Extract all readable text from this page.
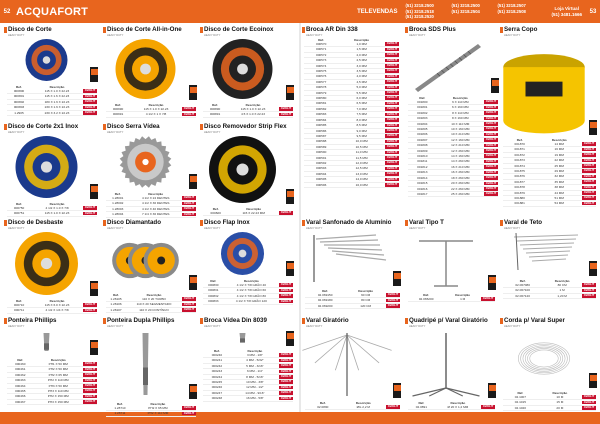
52 ACQUAFORT	TELEVENDAS
(51) 3218.2500	(51) 3218.2500	(51) 3218.2507
(51) 3218.2518	(51) 3218.2504	(51) 3218.2508
(51) 3218.2520
Loja Virtual
(51) 3481.1666	53
Disco de Corte
HEAVY DUTY
Ref.	Descrição	
000800	115 X 1.0 X 22.23	AVAILIT

000801	115 X 1.6 X 22.23	AVAILIT

000802	180 X 1.6 X 22.23	AVAILIT

000803	230 X 1.6 X 22.23	AVAILIT

1.2905	230 X 3.2 X 22.23	AVAILIT
Disco de Corte All-in-One
HEAVY DUTY
Ref.	Descrição	
000990	115 X 1.0 X 22.23	AVAILIT

000991	4 1/2 X 1 X 7/8	AVAILIT
Disco de Corte Ecoinox
HEAVY DUTY
Ref.	Descrição	
000890	115 X 1.0 X 22.23	AVAILIT

000891	4.5 X 1.0 X 22.23	AVAILIT
Disco de Corte 2x1 Inox
HEAVY DUTY
Ref.	Descrição	
000750	4 1/2 X 1.0 X 7/8	AVAILIT

000751	115 X 1.0 X 22.23	AVAILIT
Disco Serra Vídea
HEAVY DUTY
Ref.	Descrição	
1.28001	4 1/2 X 24 DENTES	AVAILIT

1.28002	4 1/2 X 36 DENTES	AVAILIT

1.28003	4 1/2 X 40 DENTES	AVAILIT

1.28004	7 1/4 X 36 DENTES	AVAILIT
Disco Removedor Strip Flex
HEAVY DUTY
Ref.	Descrição	
000820	115 X 22.23 MM	AVAILIT
Broca AR Din 338
HEAVY DUTY
Ref.	Descrição	
000570	1,0 MM	AVAILIT

000571	1,5 MM	AVAILIT

000572	2,0 MM	AVAILIT

000573	2,5 MM	AVAILIT

000574	3,0 MM	AVAILIT

000575	3,5 MM	AVAILIT

000576	4,0 MM	AVAILIT

000577	4,5 MM	AVAILIT

000578	5,0 MM	AVAILIT

000579	5,5 MM	AVAILIT

000580	6,0 MM	AVAILIT

000581	6,5 MM	AVAILIT

000582	7,0 MM	AVAILIT

000583	7,5 MM	AVAILIT

000584	8,0 MM	AVAILIT

000585	8,5 MM	AVAILIT

000586	9,0 MM	AVAILIT

000587	9,5 MM	AVAILIT

000588	10,0 MM	AVAILIT

000589	10,5 MM	AVAILIT

000590	11,0 MM	AVAILIT

000591	11,5 MM	AVAILIT

000592	12,0 MM	AVAILIT

000593	12,5 MM	AVAILIT

000594	13,0 MM	AVAILIT

000595	14,0 MM	AVAILIT

000596	16,0 MM	AVAILIT
Broca SDS Plus
HEAVY DUTY
Ref.	Descrição	
001800	6 X 110 MM	AVAILIT

001801	6 X 160 MM	AVAILIT

001802	8 X 110 MM	AVAILIT

001803	8 X 160 MM	AVAILIT

001804	10 X 110 MM	AVAILIT

001805	10 X 160 MM	AVAILIT

001806	10 X 210 MM	AVAILIT

001807	12 X 160 MM	AVAILIT

001808	12 X 210 MM	AVAILIT

001809	12 X 260 MM	AVAILIT

001810	14 X 160 MM	AVAILIT

001811	14 X 260 MM	AVAILIT

001812	16 X 210 MM	AVAILIT

001813	16 X 260 MM	AVAILIT

001814	18 X 260 MM	AVAILIT

001815	20 X 260 MM	AVAILIT

001816	22 X 260 MM	AVAILIT

001817	25 X 260 MM	AVAILIT
Serra Copo
HEAVY DUTY
Ref.	Descrição	
001870	14 MM	AVAILIT

001871	16 MM	AVAILIT

001872	19 MM	AVAILIT

001873	22 MM	AVAILIT

001874	25 MM	AVAILIT

001875	29 MM	AVAILIT

001876	32 MM	AVAILIT

001877	35 MM	AVAILIT

001878	38 MM	AVAILIT

001879	44 MM	AVAILIT

001880	51 MM	AVAILIT

001881	54 MM	AVAILIT
Disco de Desbaste
HEAVY DUTY
Ref.	Descrição	
000710	115 X 6.0 X 22.23	AVAILIT

000711	4 1/2 X 1/4 X 7/8	AVAILIT
Disco Diamantado
HEAVY DUTY
Ref.	Descrição	
1.28105	110 X 20 TURBO	AVAILIT

1.28106	110 X 20 SEGMENTADO	AVAILIT

1.28107	110 X 20 CONTÍNUO	AVAILIT
Disco Flap Inox
HEAVY DUTY
Ref.	Descrição	
000830	4 1/2 X 7/8 GRÃO 40	AVAILIT

000831	4 1/2 X 7/8 GRÃO 60	AVAILIT

000832	4 1/2 X 7/8 GRÃO 80	AVAILIT

000833	4 1/2 X 7/8 GRÃO 120	AVAILIT
Varal Sanfonado de Alumínio
HEAVY DUTY
Ref.	Descrição	
02.069150	60 CM	AVAILIT

02.069180	80 CM	AVAILIT

02.069200	120 CM	AVAILIT
Varal Tipo T
HEAVY DUTY
Ref.	Descrição	
02.065200	1 M	AVAILIT
Varal de Teto
HEAVY DUTY
Ref.	Descrição	
02.067080	80 CM	AVAILIT

02.067100	1 M	AVAILIT

02.067120	1,20 M	AVAILIT
Ponteira Phillips
HEAVY DUTY
Ref.	Descrição	
000460	PH1 X 50 MM	AVAILIT

000461	PH2 X 50 MM	AVAILIT

000462	PH2 X 65 MM	AVAILIT

000463	PH2 X 110 MM	AVAILIT

000464	PH3 X 50 MM	AVAILIT

000465	PH3 X 110 MM	AVAILIT

000466	PH2 X 150 MM	AVAILIT

000467	PH3 X 150 MM	AVAILIT
Ponteira Dupla Phillips
HEAVY DUTY
Ref.	Descrição	
1.28710	PH2 X 65 MM	AVAILIT

1.28711	PH2 X 110 MM	AVAILIT
Broca Vídea Din 8039
HEAVY DUTY
Ref.	Descrição	
000240	3 MM - 1/8"	AVAILIT

000241	4 MM - 5/32"	AVAILIT

000242	5 MM - 3/16"	AVAILIT

000243	6 MM - 1/4"	AVAILIT

000244	8 MM - 5/16"	AVAILIT

000245	10 MM - 3/8"	AVAILIT

000246	12 MM - 1/2"	AVAILIT

000247	14 MM - 9/16"	AVAILIT

000248	16 MM - 5/8"	AVAILIT
Varal Giratório
HEAVY DUTY
Ref.	Descrição	
02.0890	ØG 2,2 M	AVAILIT
Quadripé p/ Varal Giratório
HEAVY DUTY
Ref.	Descrição	
02.0891	Ø 20 X 1,2 MM	AVAILIT
Corda p/ Varal Super
HEAVY DUTY
Ref.	Descrição	
02.1007	10 M	AVAILIT

02.1015	15 M	AVAILIT

02.1020	20 M	AVAILIT
